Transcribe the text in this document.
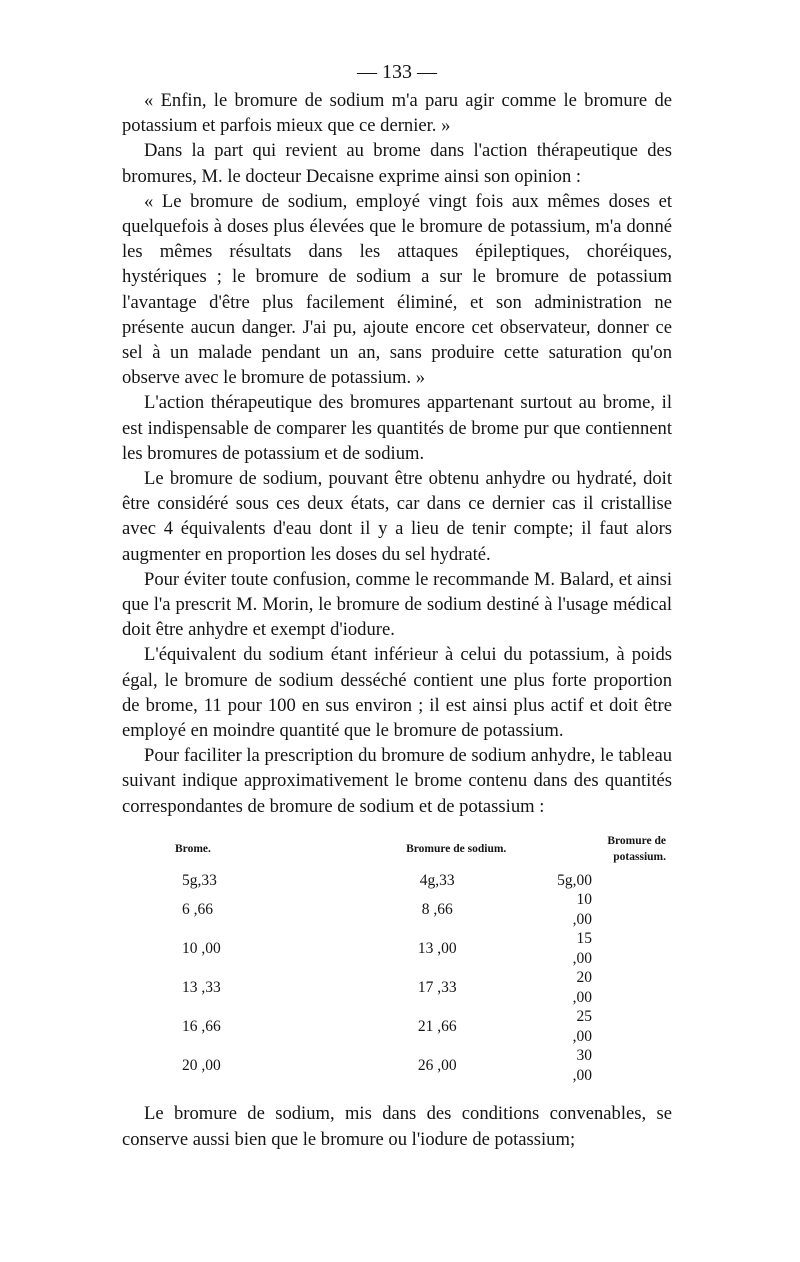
— 133 —

« Enfin, le bromure de sodium m'a paru agir comme le bromure de potassium et parfois mieux que ce dernier. »

Dans la part qui revient au brome dans l'action thérapeutique des bromures, M. le docteur Decaisne exprime ainsi son opinion :

« Le bromure de sodium, employé vingt fois aux mêmes doses et quelquefois à doses plus élevées que le bromure de potassium, m'a donné les mêmes résultats dans les attaques épileptiques, choréiques, hystériques ; le bromure de sodium a sur le bromure de potassium l'avantage d'être plus facilement éliminé, et son administration ne présente aucun danger. J'ai pu, ajoute encore cet observateur, donner ce sel à un malade pendant un an, sans produire cette saturation qu'on observe avec le bromure de potassium. »

L'action thérapeutique des bromures appartenant surtout au brome, il est indispensable de comparer les quantités de brome pur que contiennent les bromures de potassium et de sodium.

Le bromure de sodium, pouvant être obtenu anhydre ou hydraté, doit être considéré sous ces deux états, car dans ce dernier cas il cristallise avec 4 équivalents d'eau dont il y a lieu de tenir compte; il faut alors augmenter en proportion les doses du sel hydraté.

Pour éviter toute confusion, comme le recommande M. Balard, et ainsi que l'a prescrit M. Morin, le bromure de sodium destiné à l'usage médical doit être anhydre et exempt d'iodure.

L'équivalent du sodium étant inférieur à celui du potassium, à poids égal, le bromure de sodium desséché contient une plus forte proportion de brome, 11 pour 100 en sus environ ; il est ainsi plus actif et doit être employé en moindre quantité que le bromure de potassium.

Pour faciliter la prescription du bromure de sodium anhydre, le tableau suivant indique approximativement le brome contenu dans des quantités correspondantes de bromure de sodium et de potassium :

Brome.	Bromure de sodium.	Bromure de potassium.
5g,33	4g,33	5g,00
6 ,66	8 ,66	10 ,00
10 ,00	13 ,00	15 ,00
13 ,33	17 ,33	20 ,00
16 ,66	21 ,66	25 ,00
20 ,00	26 ,00	30 ,00

Le bromure de sodium, mis dans des conditions convenables, se conserve aussi bien que le bromure ou l'iodure de potassium;
